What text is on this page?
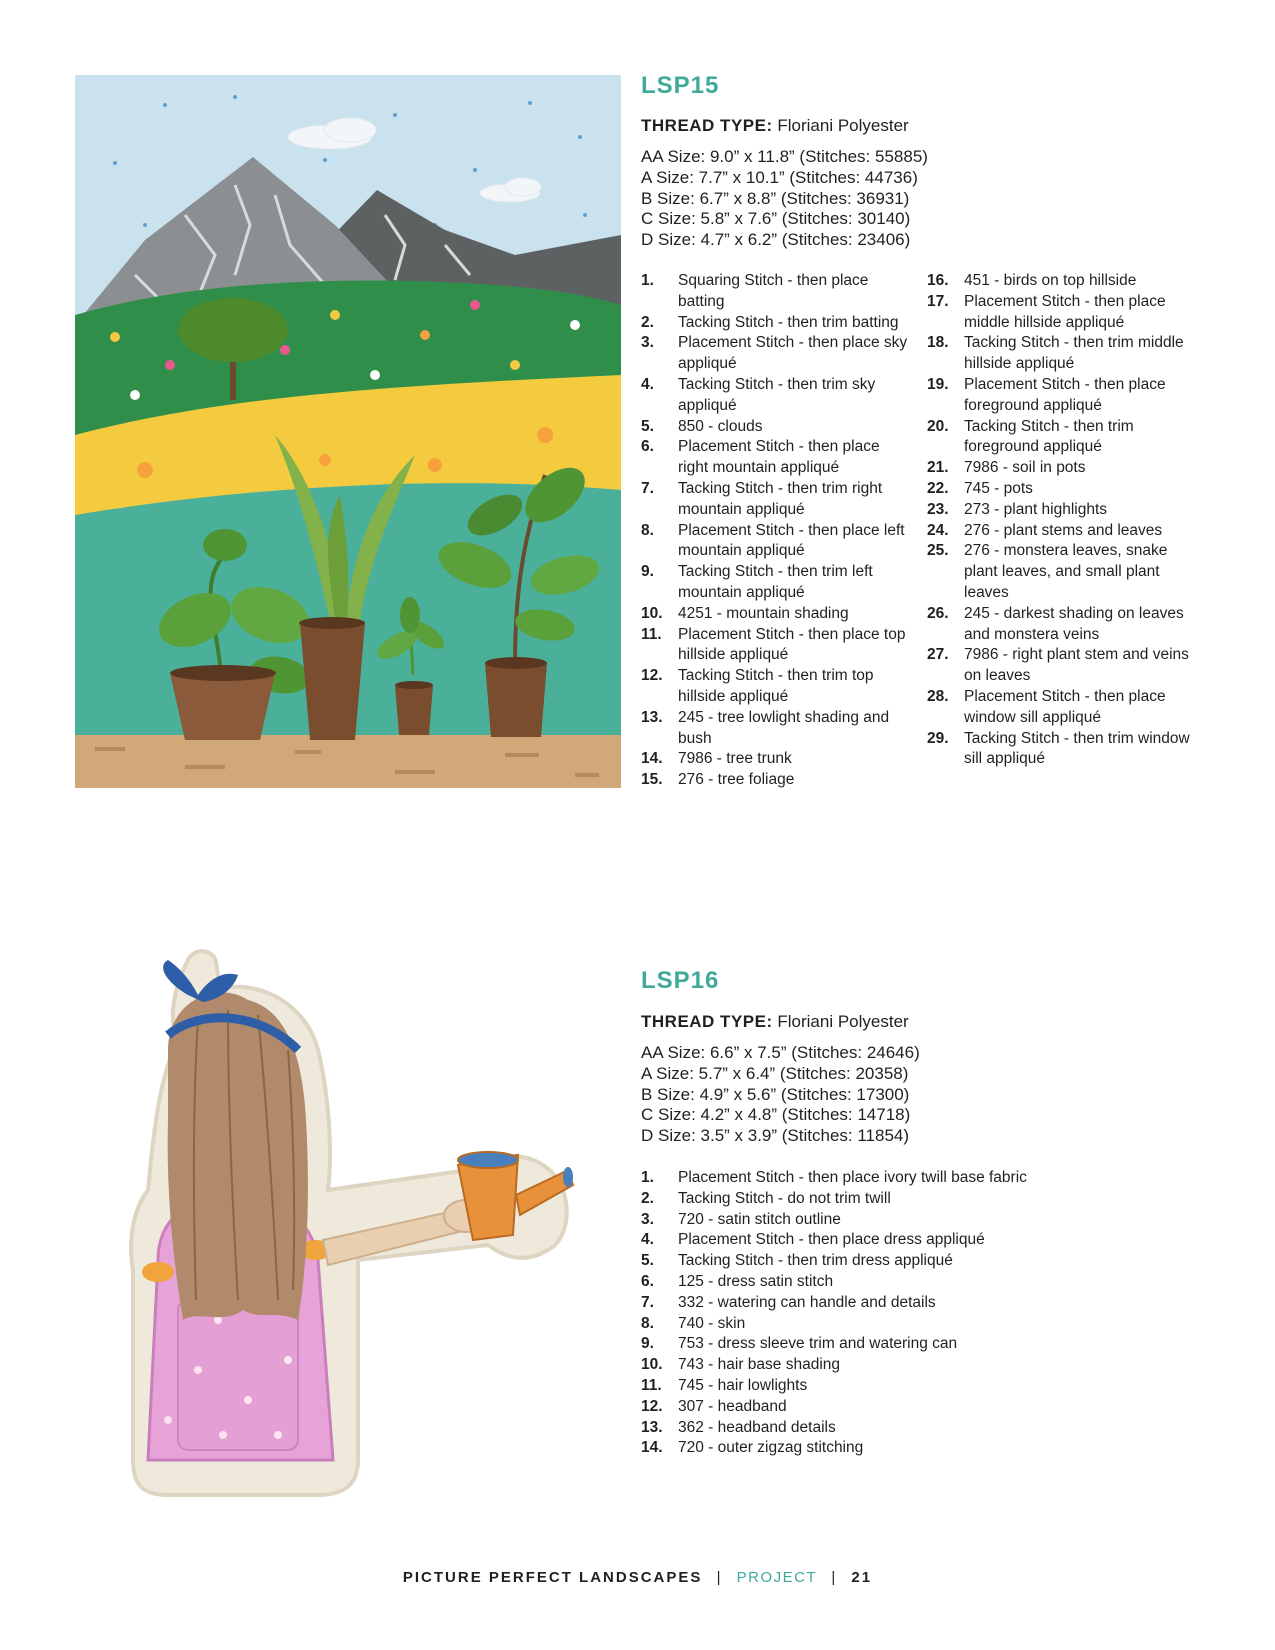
LSP15
THREAD TYPE: Floriani Polyester
AA Size: 9.0” x 11.8” (Stitches: 55885)
A Size: 7.7” x 10.1” (Stitches: 44736)
B Size: 6.7” x 8.8” (Stitches: 36931)
C Size: 5.8” x 7.6” (Stitches: 30140)
D Size: 4.7” x 6.2” (Stitches: 23406)
1. Squaring Stitch - then place batting
2. Tacking Stitch - then trim batting
3. Placement Stitch - then place sky appliqué
4. Tacking Stitch - then trim sky appliqué
5. 850 - clouds
6. Placement Stitch - then place right mountain appliqué
7. Tacking Stitch - then trim right mountain appliqué
8. Placement Stitch - then place left mountain appliqué
9. Tacking Stitch - then trim left mountain appliqué
10. 4251 - mountain shading
11. Placement Stitch - then place top hillside appliqué
12. Tacking Stitch - then trim top hillside appliqué
13. 245 - tree lowlight shading and bush
14. 7986 - tree trunk
15. 276 - tree foliage
16. 451 - birds on top hillside
17. Placement Stitch - then place middle hillside appliqué
18. Tacking Stitch - then trim middle hillside appliqué
19. Placement Stitch - then place foreground appliqué
20. Tacking Stitch - then trim foreground appliqué
21. 7986 - soil in pots
22. 745 - pots
23. 273 - plant highlights
24. 276 - plant stems and leaves
25. 276 - monstera leaves, snake plant leaves, and small plant leaves
26. 245 - darkest shading on leaves and monstera veins
27. 7986 - right plant stem and veins on leaves
28. Placement Stitch - then place window sill appliqué
29. Tacking Stitch - then trim window sill appliqué
LSP16
THREAD TYPE: Floriani Polyester
AA Size: 6.6” x 7.5” (Stitches: 24646)
A Size: 5.7” x 6.4” (Stitches: 20358)
B Size: 4.9” x 5.6” (Stitches: 17300)
C Size: 4.2” x 4.8” (Stitches: 14718)
D Size: 3.5” x 3.9” (Stitches: 11854)
1. Placement Stitch - then place ivory twill base fabric
2. Tacking Stitch - do not trim twill
3. 720 - satin stitch outline
4. Placement Stitch - then place dress appliqué
5. Tacking Stitch - then trim dress appliqué
6. 125 - dress satin stitch
7. 332 - watering can handle and details
8. 740 - skin
9. 753 - dress sleeve trim and watering can
10. 743 - hair base shading
11. 745 - hair lowlights
12. 307 - headband
13. 362 - headband details
14. 720 - outer zigzag stitching
PICTURE PERFECT LANDSCAPES | PROJECT | 21
